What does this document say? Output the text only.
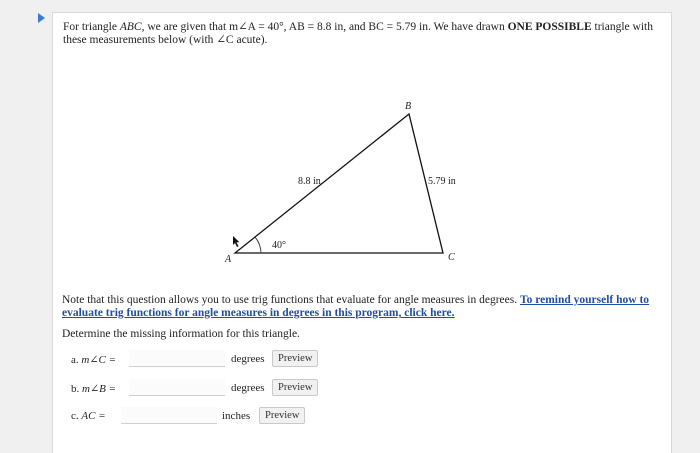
For triangle ABC, we are given that m∠A = 40°, AB = 8.8 in, and BC = 5.79 in. We have drawn ONE POSSIBLE triangle with these measurements below (with ∠C acute).
A
B
C
8.8 in	5.79 in
40°
Note that this question allows you to use trig functions that evaluate for angle measures in degrees. To remind yourself how to evaluate trig functions for angle measures in degrees in this program, click here.
Determine the missing information for this triangle.
a. m∠C =	degrees	Preview
b. m∠B =	degrees	Preview
c. AC =	inches	Preview
